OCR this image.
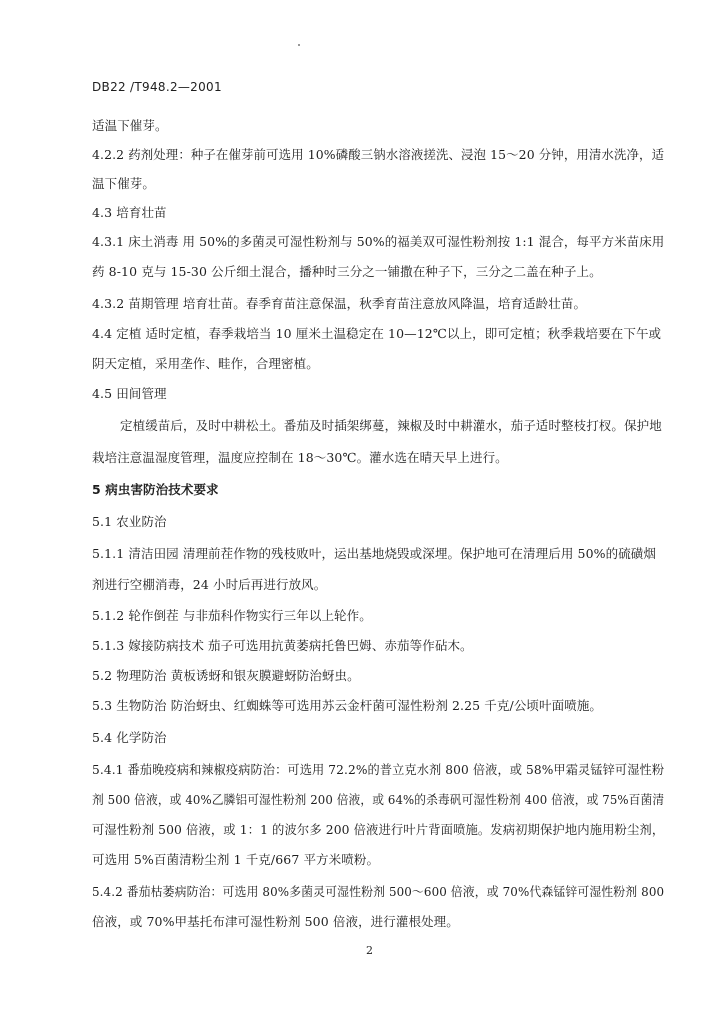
DB22 /T948.2—2001
适温下催芽。
4.2.2 药剂处理：种子在催芽前可选用 10%磷酸三钠水溶液搓洗、浸泡 15～20 分钟，用清水洗净，适
温下催芽。
4.3 培育壮苗
4.3.1 床土消毒 用 50%的多菌灵可湿性粉剂与 50%的福美双可湿性粉剂按 1:1 混合，每平方米苗床用
药 8-10 克与 15-30 公斤细土混合，播种时三分之一铺撒在种子下，三分之二盖在种子上。
4.3.2 苗期管理 培育壮苗。春季育苗注意保温，秋季育苗注意放风降温，培育适龄壮苗。
4.4 定植 适时定植，春季栽培当 10 厘米土温稳定在 10—12℃以上，即可定植；秋季栽培要在下午或
阴天定植，采用垄作、畦作，合理密植。
4.5 田间管理
定植缓苗后，及时中耕松土。番茄及时插架绑蔓，辣椒及时中耕灌水，茄子适时整枝打杈。保护地
栽培注意温湿度管理，温度应控制在 18～30℃。灌水选在晴天早上进行。
5 病虫害防治技术要求
5.1 农业防治
5.1.1 清洁田园 清理前茬作物的残枝败叶，运出基地烧毁或深埋。保护地可在清理后用 50%的硫磺烟
剂进行空棚消毒，24 小时后再进行放风。
5.1.2 轮作倒茬 与非茄科作物实行三年以上轮作。
5.1.3 嫁接防病技术 茄子可选用抗黄萎病托鲁巴姆、赤茄等作砧木。
5.2 物理防治 黄板诱蚜和银灰膜避蚜防治蚜虫。
5.3 生物防治 防治蚜虫、红蜘蛛等可选用苏云金杆菌可湿性粉剂 2.25 千克/公顷叶面喷施。
5.4 化学防治
5.4.1 番茄晚疫病和辣椒疫病防治：可选用 72.2%的普立克水剂 800 倍液，或 58%甲霜灵锰锌可湿性粉
剂 500 倍液，或 40%乙膦铝可湿性粉剂 200 倍液，或 64%的杀毒矾可湿性粉剂 400 倍液，或 75%百菌清
可湿性粉剂 500 倍液，或 1：1 的波尔多 200 倍液进行叶片背面喷施。发病初期保护地内施用粉尘剂，
可选用 5%百菌清粉尘剂 1 千克/667 平方米喷粉。
5.4.2 番茄枯萎病防治：可选用 80%多菌灵可湿性粉剂 500～600 倍液，或 70%代森锰锌可湿性粉剂 800
倍液，或 70%甲基托布津可湿性粉剂 500 倍液，进行灌根处理。
2
